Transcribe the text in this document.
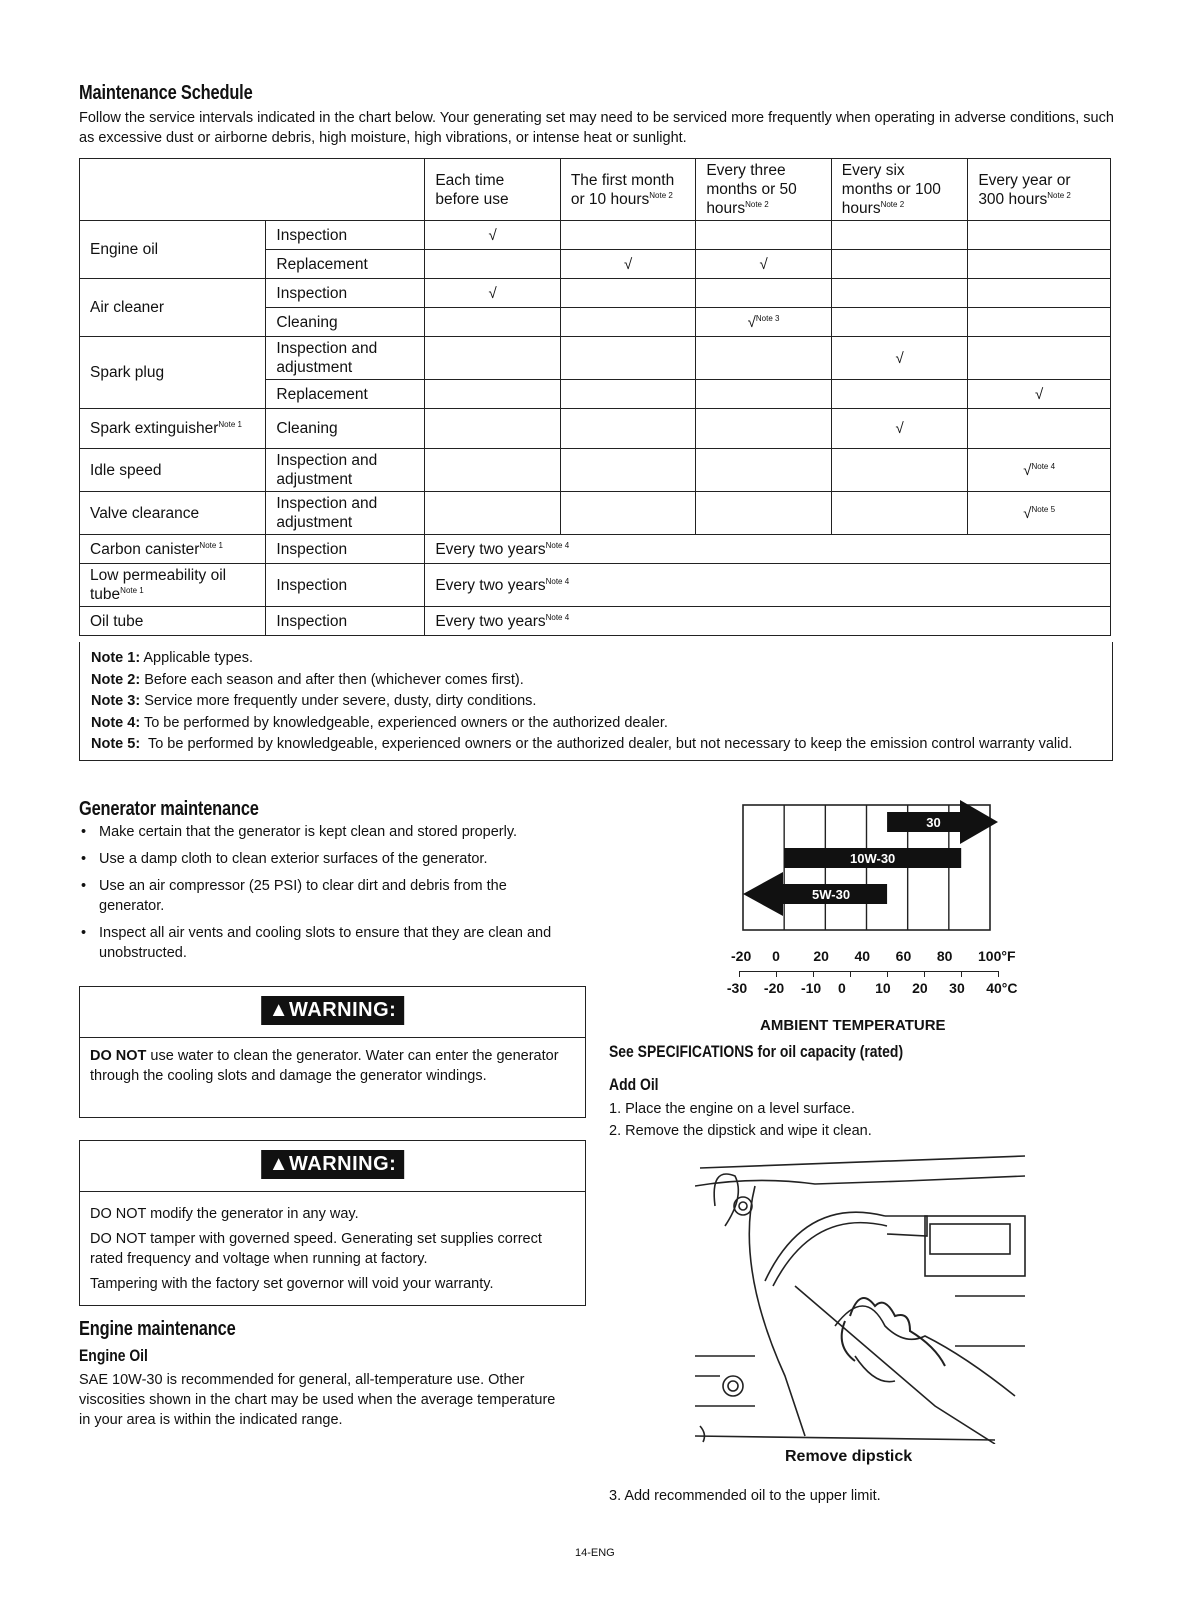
Maintenance Schedule
Follow the service intervals indicated in the chart below. Your generating set may need to be serviced more frequently when operating in adverse conditions, such as excessive dust or airborne debris, high moisture, high vibrations, or intense heat or sunlight.
		Each time before use	The first month or 10 hours$^{Note 2}$	Every three months or 50 hours$^{Note 2}$	Every six months or 100 hours$^{Note 2}$	Every year or 300 hours$^{Note 2}$
Engine oil	Inspection	√				
	Replacement		√	√		
Air cleaner	Inspection	√				
	Cleaning			√$^{Note 3}$		
Spark plug	Inspection and adjustment				√	
	Replacement					√
Spark extinguisher$^{Note 1}$	Cleaning				√	
Idle speed	Inspection and adjustment					√$^{Note 4}$
Valve clearance	Inspection and adjustment					√$^{Note 5}$
Carbon canister$^{Note 1}$	Inspection	Every two years$^{Note 4}$
Low permeability oil tube$^{Note 1}$	Inspection	Every two years$^{Note 4}$
Oil tube	Inspection	Every two years$^{Note 4}$
Note 1: Applicable types.
Note 2: Before each season and after then (whichever comes first).
Note 3: Service more frequently under severe, dusty, dirty conditions.
Note 4: To be performed by knowledgeable, experienced owners or the authorized dealer.
Note 5: To be performed by knowledgeable, experienced owners or the authorized dealer, but not necessary to keep the emission control warranty valid.
Generator maintenance
• Make certain that the generator is kept clean and stored properly.
• Use a damp cloth to clean exterior surfaces of the generator.
• Use an air compressor (25 PSI) to clear dirt and debris from the generator.
• Inspect all air vents and cooling slots to ensure that they are clean and unobstructed.
▲WARNING:
DO NOT use water to clean the generator. Water can enter the generator through the cooling slots and damage the generator windings.
▲WARNING:
DO NOT modify the generator in any way.
DO NOT tamper with governed speed. Generating set supplies correct rated frequency and voltage when running at factory.
Tampering with the factory set governor will void your warranty.
Engine maintenance
Engine Oil
SAE 10W-30 is recommended for general, all-temperature use. Other viscosities shown in the chart may be used when the average temperature in your area is within the indicated range.
30
10W-30
5W-30
-20 0 20 40 60 80 100°F
-30 -20 -10 0 10 20 30 40°C
AMBIENT TEMPERATURE
See SPECIFICATIONS for oil capacity (rated)
Add Oil
1. Place the engine on a level surface.
2. Remove the dipstick and wipe it clean.
Remove dipstick
3. Add recommended oil to the upper limit.
14-ENG
